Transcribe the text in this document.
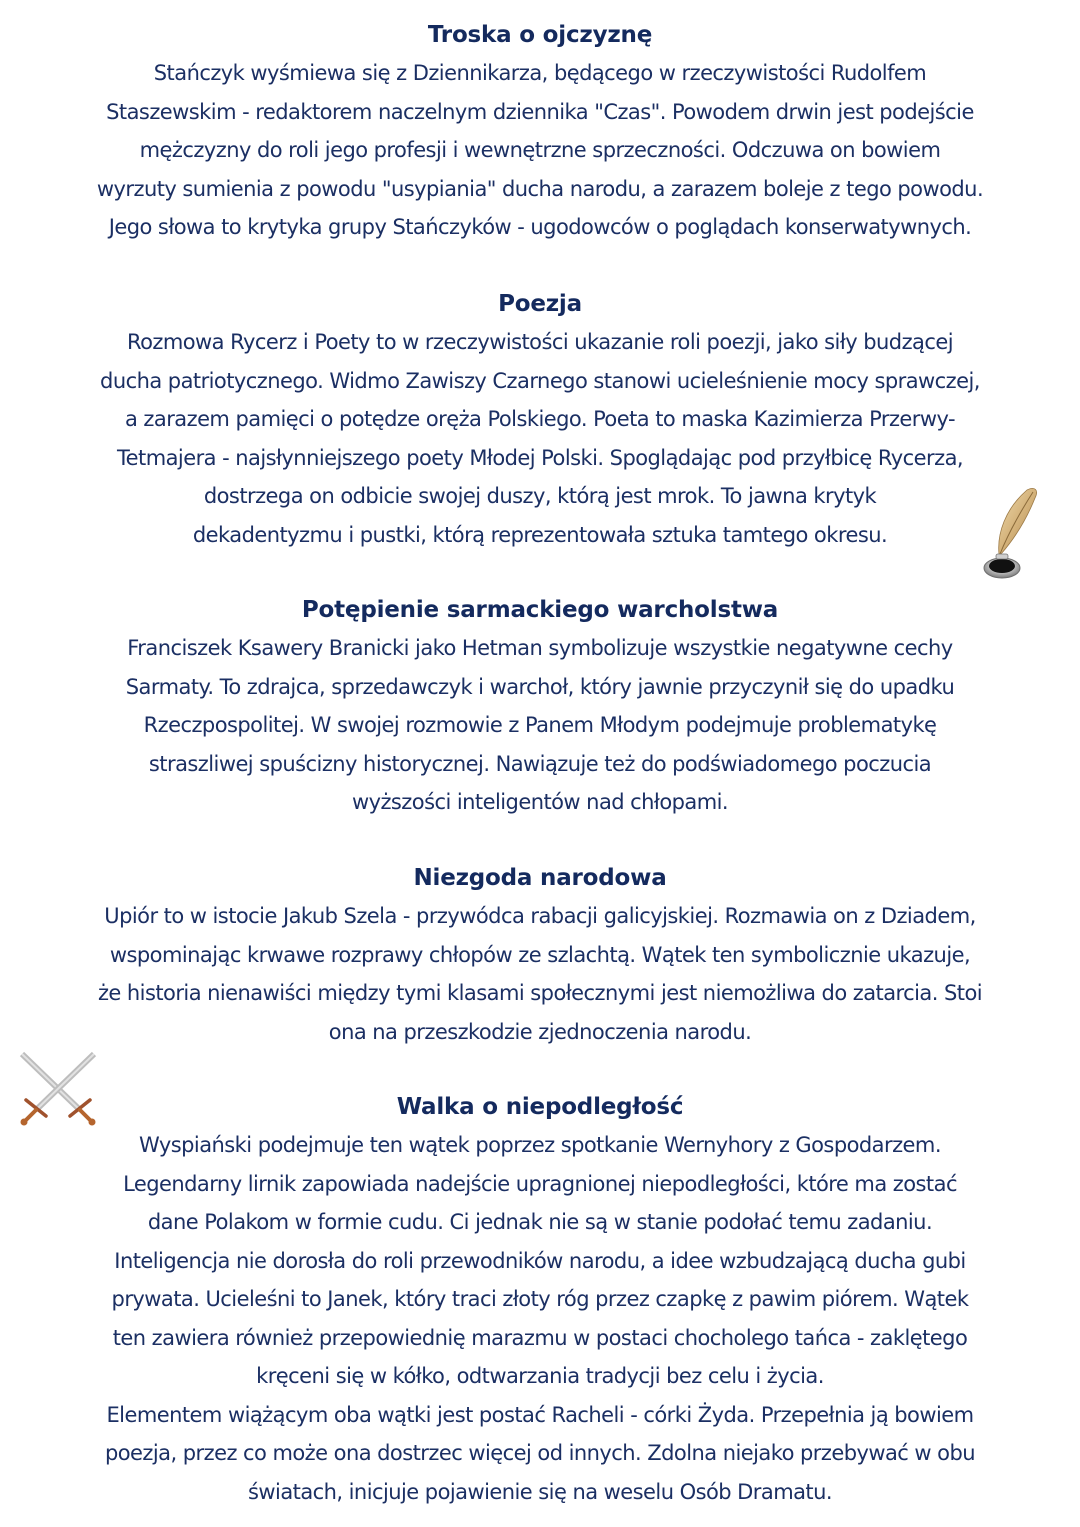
Troska o ojczyznę
Stańczyk wyśmiewa się z Dziennikarza, będącego w rzeczywistości Rudolfem
Staszewskim - redaktorem naczelnym dziennika "Czas". Powodem drwin jest podejście
mężczyzny do roli jego profesji i wewnętrzne sprzeczności. Odczuwa on bowiem
wyrzuty sumienia z powodu "usypiania" ducha narodu, a zarazem boleje z tego powodu.
Jego słowa to krytyka grupy Stańczyków - ugodowców o poglądach konserwatywnych.
Poezja
Rozmowa Rycerz i Poety to w rzeczywistości ukazanie roli poezji, jako siły budzącej
ducha patriotycznego. Widmo Zawiszy Czarnego stanowi ucieleśnienie mocy sprawczej,
a zarazem pamięci o potędze oręża Polskiego. Poeta to maska Kazimierza Przerwy-
Tetmajera - najsłynniejszego poety Młodej Polski. Spoglądając pod przyłbicę Rycerza,
dostrzega on odbicie swojej duszy, którą jest mrok. To jawna krytyk
dekadentyzmu i pustki, którą reprezentowała sztuka tamtego okresu.
Potępienie sarmackiego warcholstwa
Franciszek Ksawery Branicki jako Hetman symbolizuje wszystkie negatywne cechy
Sarmaty. To zdrajca, sprzedawczyk i warchoł, który jawnie przyczynił się do upadku
Rzeczpospolitej. W swojej rozmowie z Panem Młodym podejmuje problematykę
straszliwej spuścizny historycznej. Nawiązuje też do podświadomego poczucia
wyższości inteligentów nad chłopami.
Niezgoda narodowa
Upiór to w istocie Jakub Szela - przywódca rabacji galicyjskiej. Rozmawia on z Dziadem,
wspominając krwawe rozprawy chłopów ze szlachtą. Wątek ten symbolicznie ukazuje,
że historia nienawiści między tymi klasami społecznymi jest niemożliwa do zatarcia. Stoi
ona na przeszkodzie zjednoczenia narodu.
Walka o niepodległość
Wyspiański podejmuje ten wątek poprzez spotkanie Wernyhory z Gospodarzem.
Legendarny lirnik zapowiada nadejście upragnionej niepodległości, które ma zostać
dane Polakom w formie cudu. Ci jednak nie są w stanie podołać temu zadaniu.
Inteligencja nie dorosła do roli przewodników narodu, a idee wzbudzającą ducha gubi
prywata. Ucieleśni to Janek, który traci złoty róg przez czapkę z pawim piórem. Wątek
ten zawiera również przepowiednię marazmu w postaci chocholego tańca - zaklętego
kręceni się w kółko, odtwarzania tradycji bez celu i życia.
Elementem wiążącym oba wątki jest postać Racheli - córki Żyda. Przepełnia ją bowiem
poezja, przez co może ona dostrzec więcej od innych. Zdolna niejako przebywać w obu
światach, inicjuje pojawienie się na weselu Osób Dramatu.
